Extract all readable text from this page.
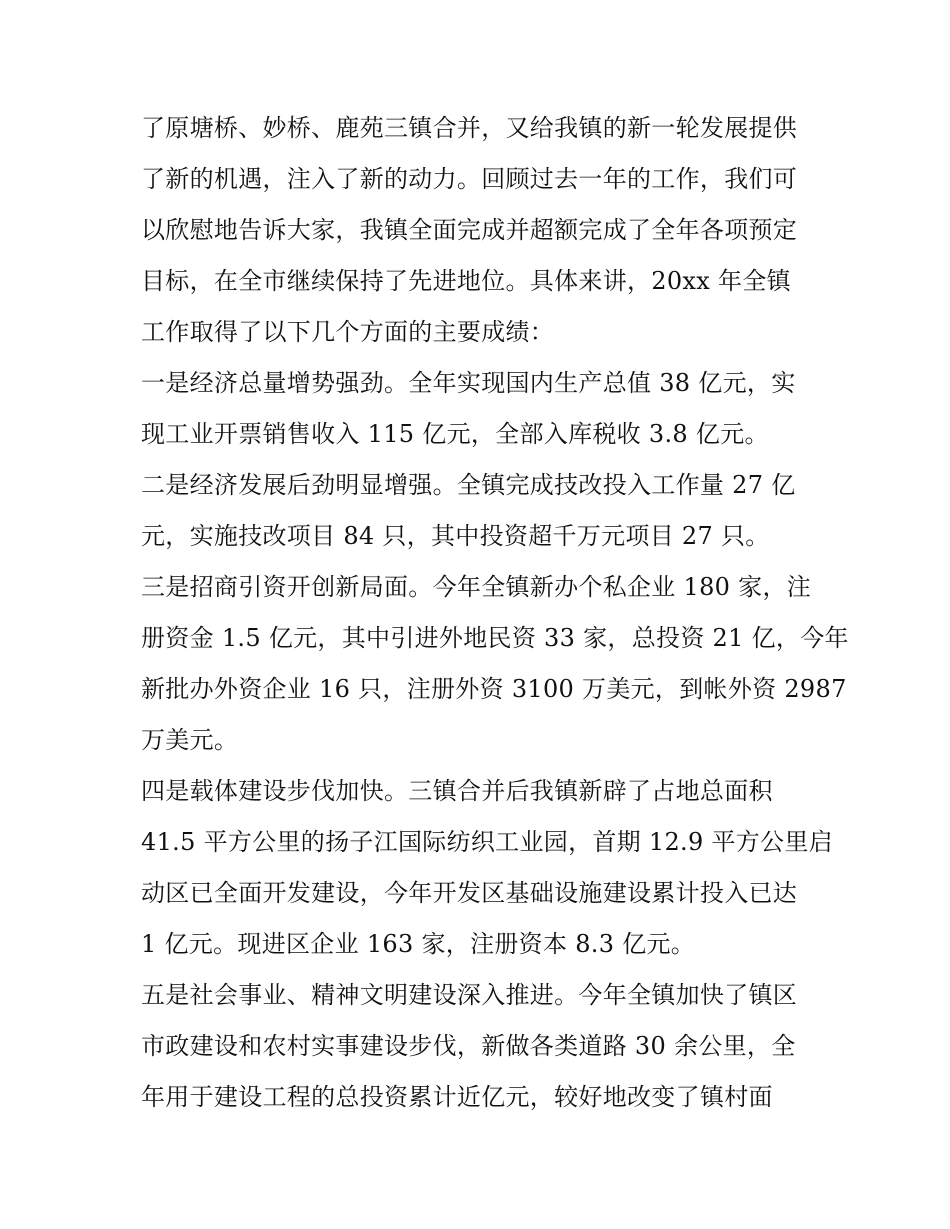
了原塘桥、妙桥、鹿苑三镇合并，又给我镇的新一轮发展提供
了新的机遇，注入了新的动力。回顾过去一年的工作，我们可
以欣慰地告诉大家，我镇全面完成并超额完成了全年各项预定
目标，在全市继续保持了先进地位。具体来讲，20xx 年全镇
工作取得了以下几个方面的主要成绩：
一是经济总量增势强劲。全年实现国内生产总值 38 亿元，实
现工业开票销售收入 115 亿元，全部入库税收 3.8 亿元。
二是经济发展后劲明显增强。全镇完成技改投入工作量 27 亿
元，实施技改项目 84 只，其中投资超千万元项目 27 只。
三是招商引资开创新局面。今年全镇新办个私企业 180 家，注
册资金 1.5 亿元，其中引进外地民资 33 家，总投资 21 亿，今年
新批办外资企业 16 只，注册外资 3100 万美元，到帐外资 2987
万美元。
四是载体建设步伐加快。三镇合并后我镇新辟了占地总面积
41.5 平方公里的扬子江国际纺织工业园，首期 12.9 平方公里启
动区已全面开发建设，今年开发区基础设施建设累计投入已达
1 亿元。现进区企业 163 家，注册资本 8.3 亿元。
五是社会事业、精神文明建设深入推进。今年全镇加快了镇区
市政建设和农村实事建设步伐，新做各类道路 30 余公里，全
年用于建设工程的总投资累计近亿元，较好地改变了镇村面
